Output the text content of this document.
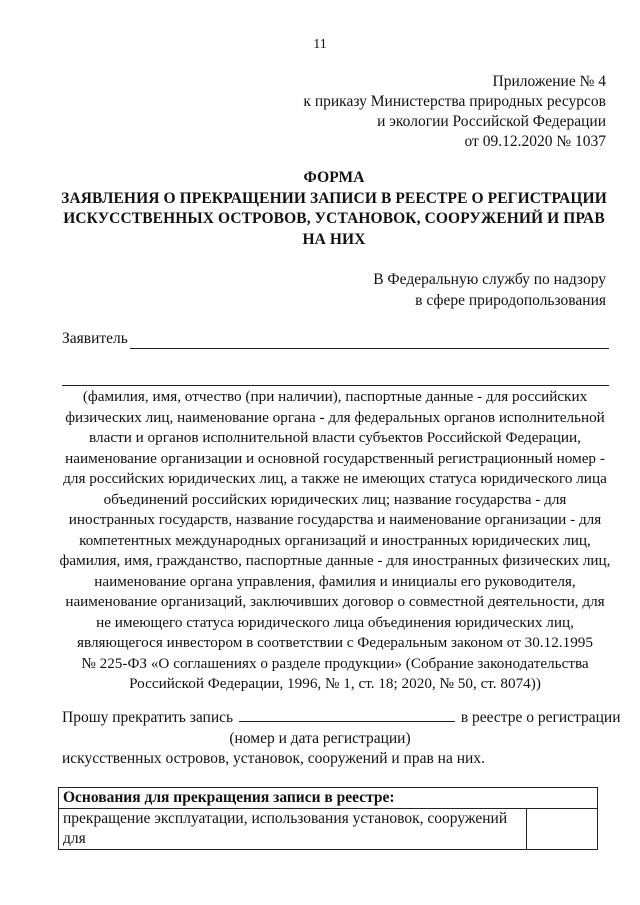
11
Приложение № 4
к приказу Министерства природных ресурсов
и экологии Российской Федерации
от 09.12.2020 № 1037
ФОРМА
ЗАЯВЛЕНИЯ О ПРЕКРАЩЕНИИ ЗАПИСИ В РЕЕСТРЕ О РЕГИСТРАЦИИ
ИСКУССТВЕННЫХ ОСТРОВОВ, УСТАНОВОК, СООРУЖЕНИЙ И ПРАВ
НА НИХ
В Федеральную службу по надзору
в сфере природопользования
Заявитель
(фамилия, имя, отчество (при наличии), паспортные данные - для российских
физических лиц, наименование органа - для федеральных органов исполнительной
власти и органов исполнительной власти субъектов Российской Федерации,
наименование организации и основной государственный регистрационный номер -
для российских юридических лиц, а также не имеющих статуса юридического лица
объединений российских юридических лиц; название государства - для
иностранных государств, название государства и наименование организации - для
компетентных международных организаций и иностранных юридических лиц,
фамилия, имя, гражданство, паспортные данные - для иностранных физических лиц,
наименование органа управления, фамилия и инициалы его руководителя,
наименование организаций, заключивших договор о совместной деятельности, для
не имеющего статуса юридического лица объединения юридических лиц,
являющегося инвестором в соответствии с Федеральным законом от 30.12.1995
№ 225-ФЗ «О соглашениях о разделе продукции» (Собрание законодательства
Российской Федерации, 1996, № 1, ст. 18; 2020, № 50, ст. 8074))
Прошу прекратить запись	в реестре о регистрации
(номер и дата регистрации)
искусственных островов, установок, сооружений и прав на них.
Основания для прекращения записи в реестре:
прекращение эксплуатации, использования установок, сооружений для	
